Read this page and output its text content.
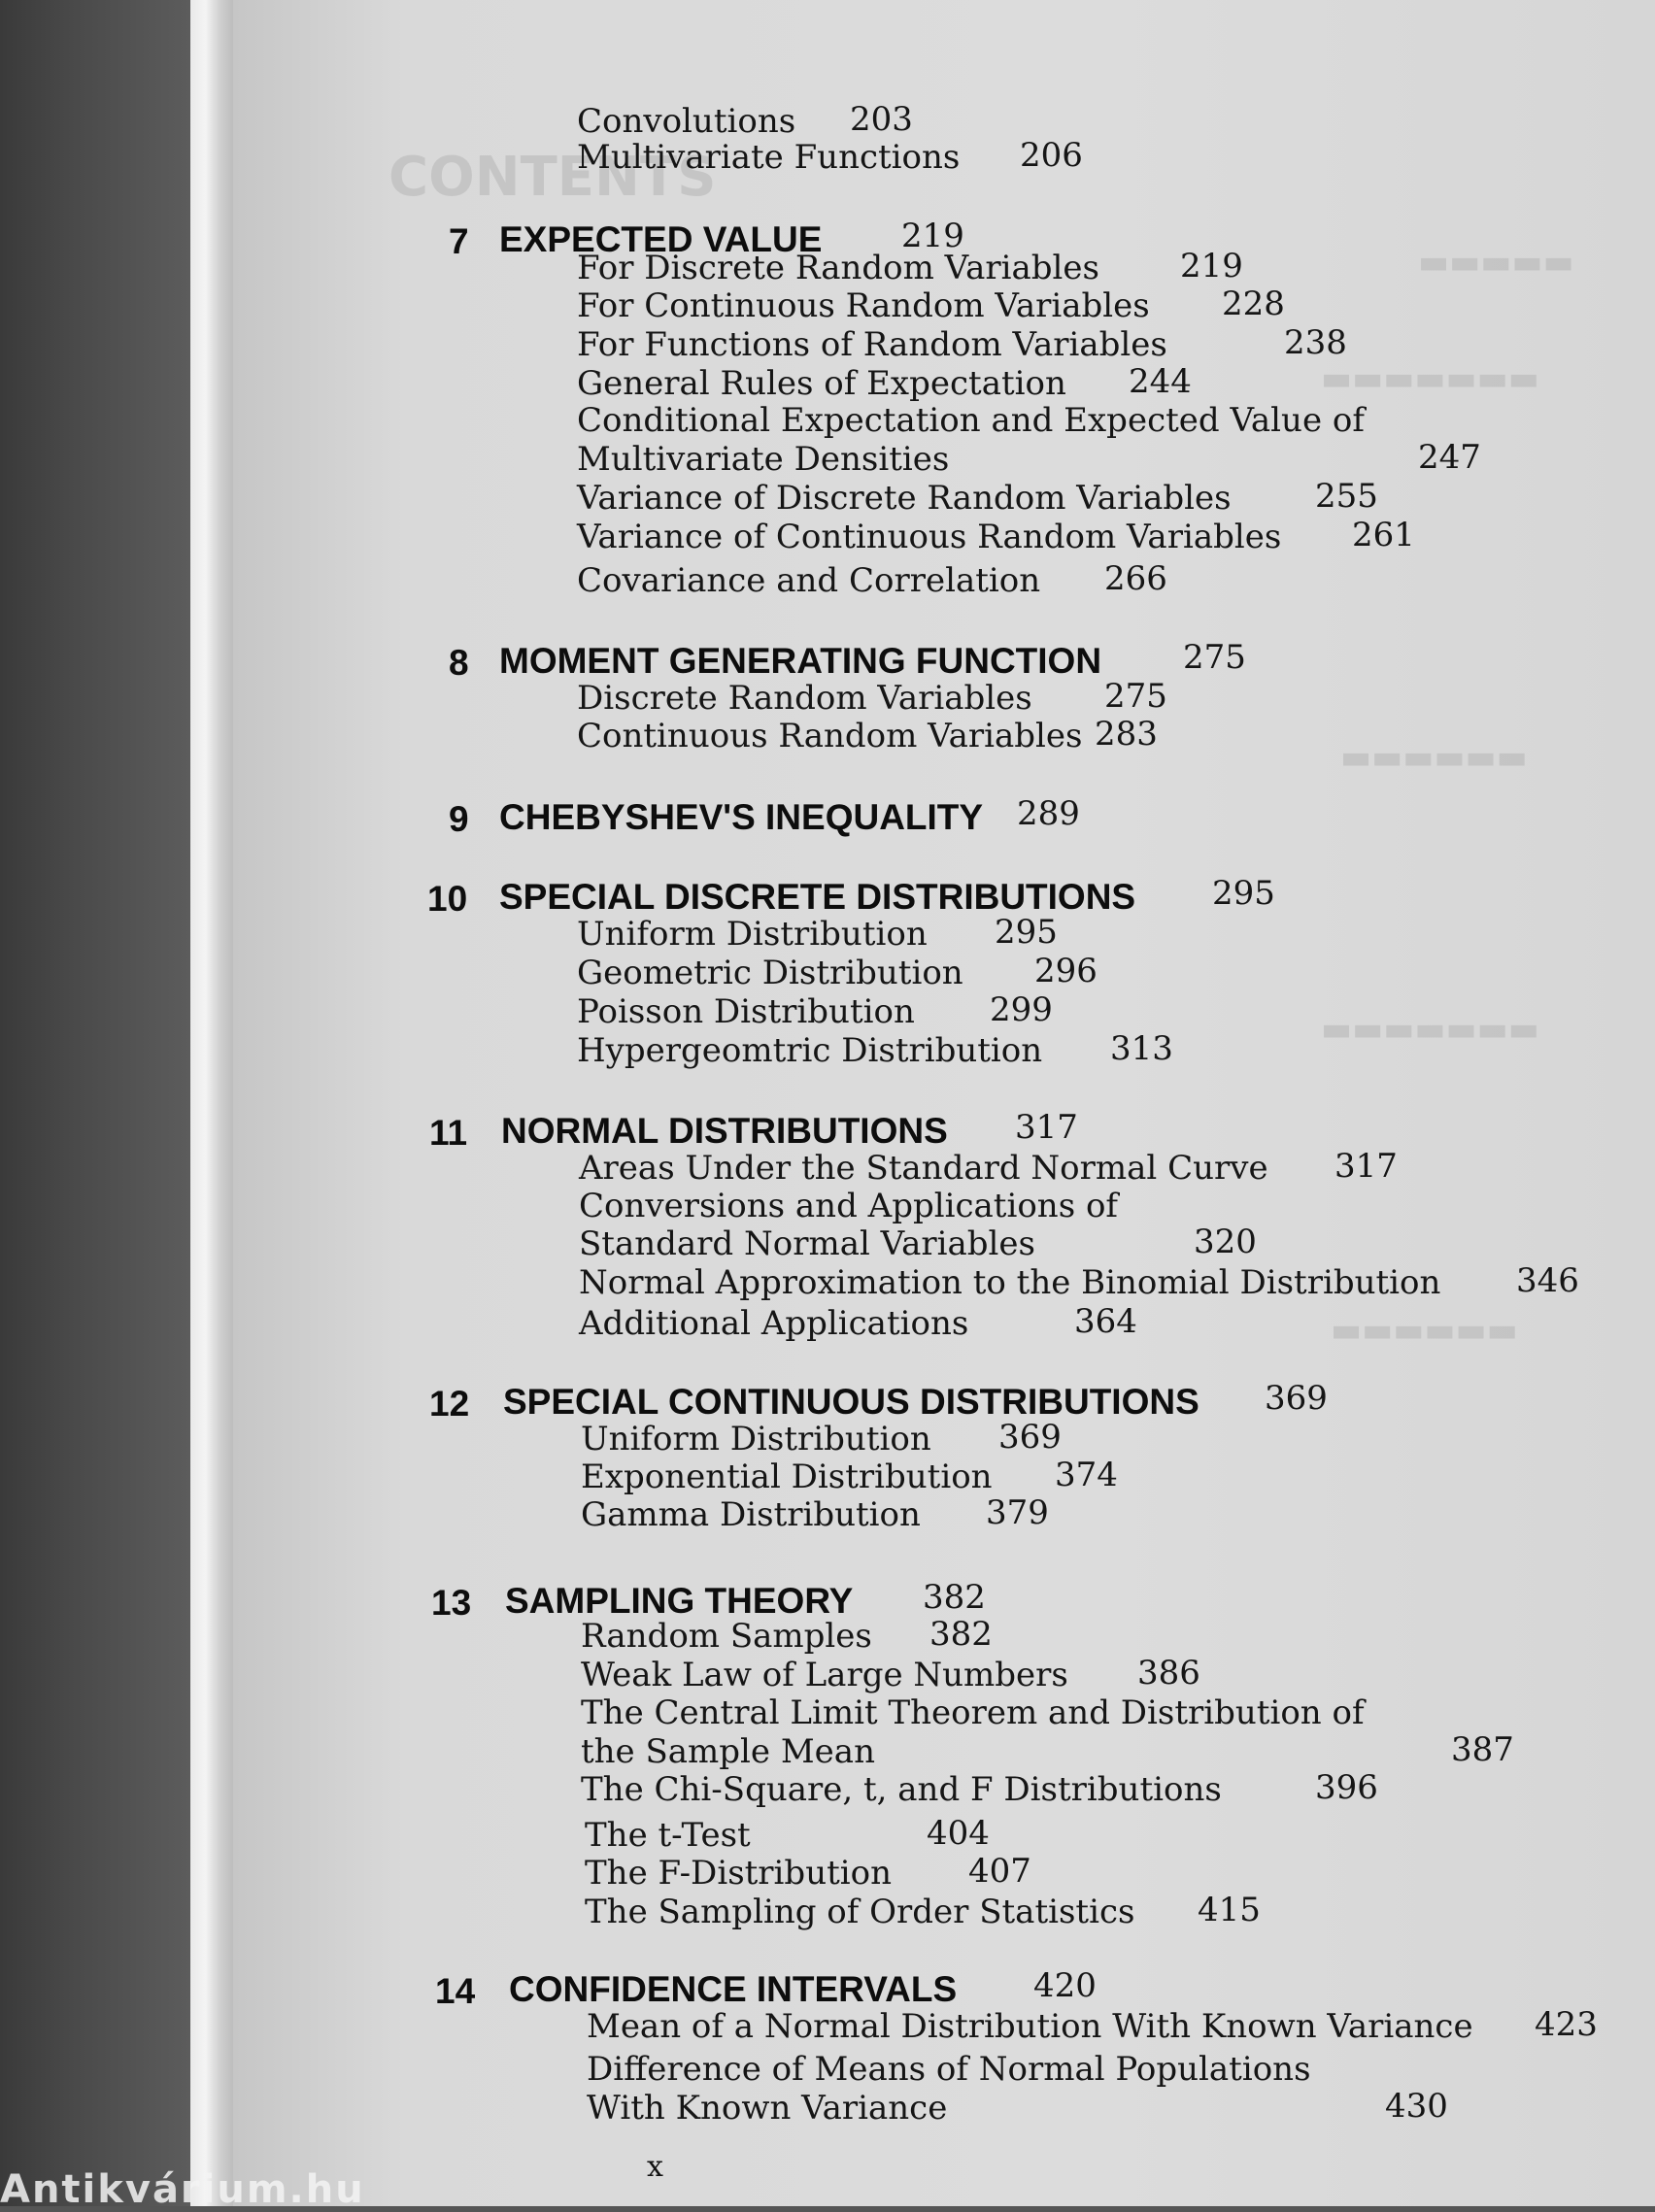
CONTENTS
▬▬▬▬▬
▬▬▬▬▬▬▬
▬▬▬▬▬▬
▬▬▬▬▬▬▬
▬▬▬▬▬▬
Convolutions 203
Multivariate Functions 206
7 EXPECTED VALUE 219
For Discrete Random Variables 219
For Continuous Random Variables 228
For Functions of Random Variables	238
General Rules of Expectation 244
Conditional Expectation and Expected Value of
Multivariate Densities	247
Variance of Discrete Random Variables	255
Variance of Continuous Random Variables 261
Covariance and Correlation 266
8 MOMENT GENERATING FUNCTION 275
Discrete Random Variables 275
Continuous Random Variables 283
9 CHEBYSHEV'S INEQUALITY 289
10 SPECIAL DISCRETE DISTRIBUTIONS 295
Uniform Distribution 295
Geometric Distribution 296
Poisson Distribution 299
Hypergeomtric Distribution 313
11 NORMAL DISTRIBUTIONS 317
Areas Under the Standard Normal Curve 317
Conversions and Applications of
Standard Normal Variables	320
Normal Approximation to the Binomial Distribution 346
Additional Applications	364
12 SPECIAL CONTINUOUS DISTRIBUTIONS 369
Uniform Distribution 369
Exponential Distribution 374
Gamma Distribution 379
13 SAMPLING THEORY 382
Random Samples 382
Weak Law of Large Numbers 386
The Central Limit Theorem and Distribution of
the Sample Mean	387
The Chi-Square, t, and F Distributions	396
The t-Test	404
The F-Distribution 407
The Sampling of Order Statistics 415
14 CONFIDENCE INTERVALS 420
Mean of a Normal Distribution With Known Variance 423
Difference of Means of Normal Populations
With Known Variance	430
x
Antikvárium.hu
